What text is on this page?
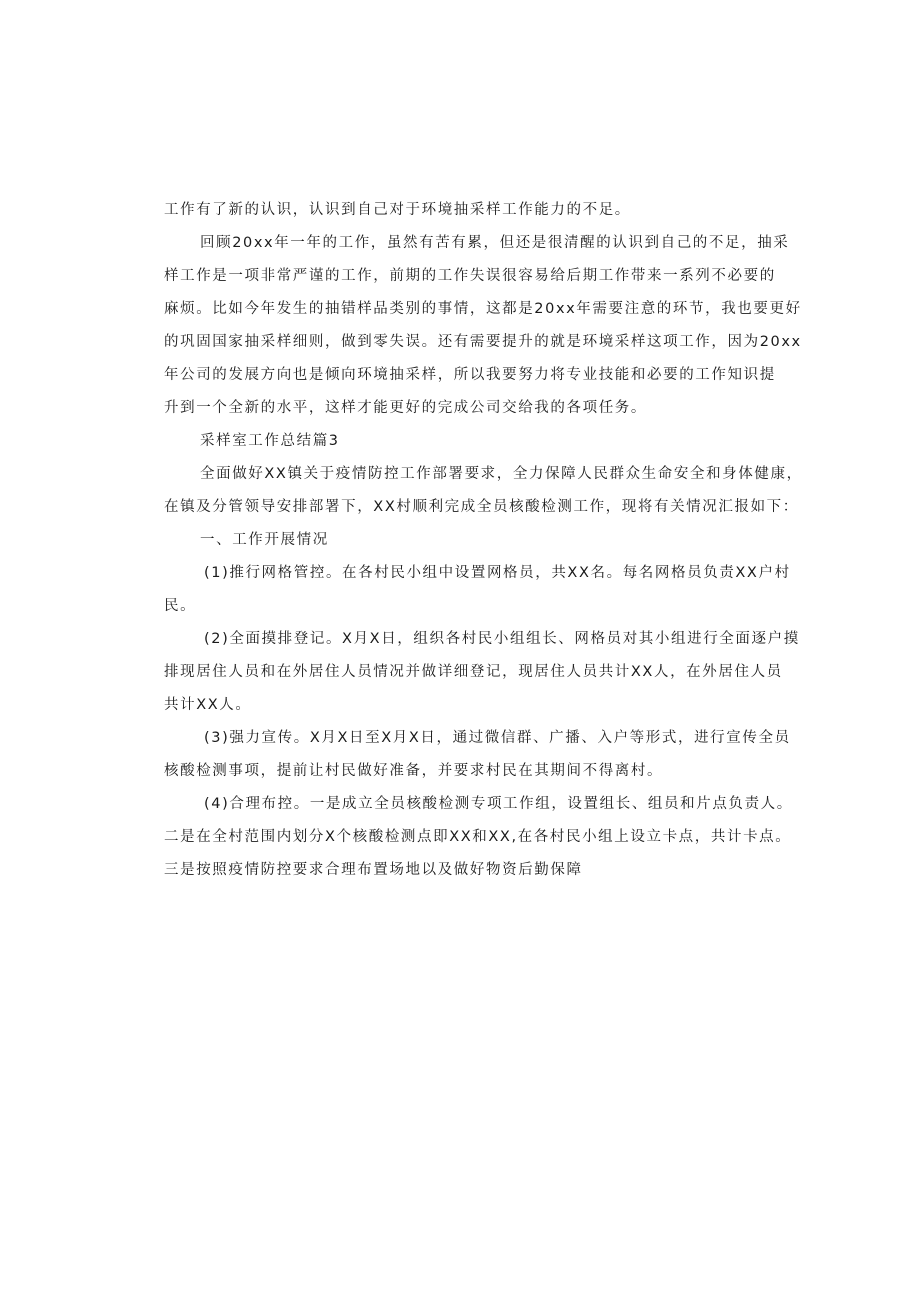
工作有了新的认识，认识到自己对于环境抽采样工作能力的不足。
回顾20xx年一年的工作，虽然有苦有累，但还是很清醒的认识到自己的不足，抽采
样工作是一项非常严谨的工作，前期的工作失误很容易给后期工作带来一系列不必要的
麻烦。比如今年发生的抽错样品类别的事情，这都是20xx年需要注意的环节，我也要更好
的巩固国家抽采样细则，做到零失误。还有需要提升的就是环境采样这项工作，因为20xx
年公司的发展方向也是倾向环境抽采样，所以我要努力将专业技能和必要的工作知识提
升到一个全新的水平，这样才能更好的完成公司交给我的各项任务。
采样室工作总结篇3
全面做好XX镇关于疫情防控工作部署要求，全力保障人民群众生命安全和身体健康，
在镇及分管领导安排部署下，XX村顺利完成全员核酸检测工作，现将有关情况汇报如下：
一、工作开展情况
(1)推行网格管控。在各村民小组中设置网格员，共XX名。每名网格员负责XX户村
民。
(2)全面摸排登记。X月X日，组织各村民小组组长、网格员对其小组进行全面逐户摸
排现居住人员和在外居住人员情况并做详细登记，现居住人员共计XX人，在外居住人员
共计XX人。
(3)强力宣传。X月X日至X月X日，通过微信群、广播、入户等形式，进行宣传全员
核酸检测事项，提前让村民做好准备，并要求村民在其期间不得离村。
(4)合理布控。一是成立全员核酸检测专项工作组，设置组长、组员和片点负责人。
二是在全村范围内划分X个核酸检测点即XX和XX,在各村民小组上设立卡点，共计卡点。
三是按照疫情防控要求合理布置场地以及做好物资后勤保障
